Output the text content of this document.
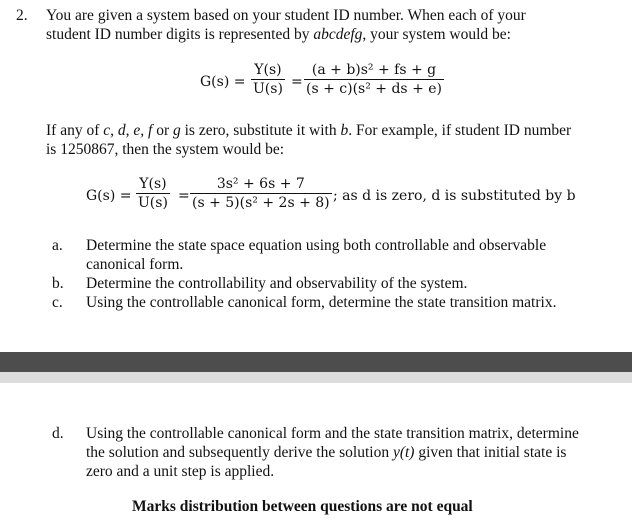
2. You are given a system based on your student ID number. When each of your
student ID number digits is represented by abcdefg, your system would be:
G(s) =
Y(s)
U(s) =
(a + b)s² + fs + g
(s + c)(s² + ds + e)
If any of c, d, e, f or g is zero, substitute it with b. For example, if student ID number
is 1250867, then the system would be:
G(s) =
Y(s)
U(s) =
3s² + 6s + 7
(s + 5)(s² + 2s + 8) ; as d is zero, d is substituted by b
a. Determine the state space equation using both controllable and observable
canonical form.
b. Determine the controllability and observability of the system.
c. Using the controllable canonical form, determine the state transition matrix.
d. Using the controllable canonical form and the state transition matrix, determine
the solution and subsequently derive the solution y(t) given that initial state is
zero and a unit step is applied.
Marks distribution between questions are not equal
